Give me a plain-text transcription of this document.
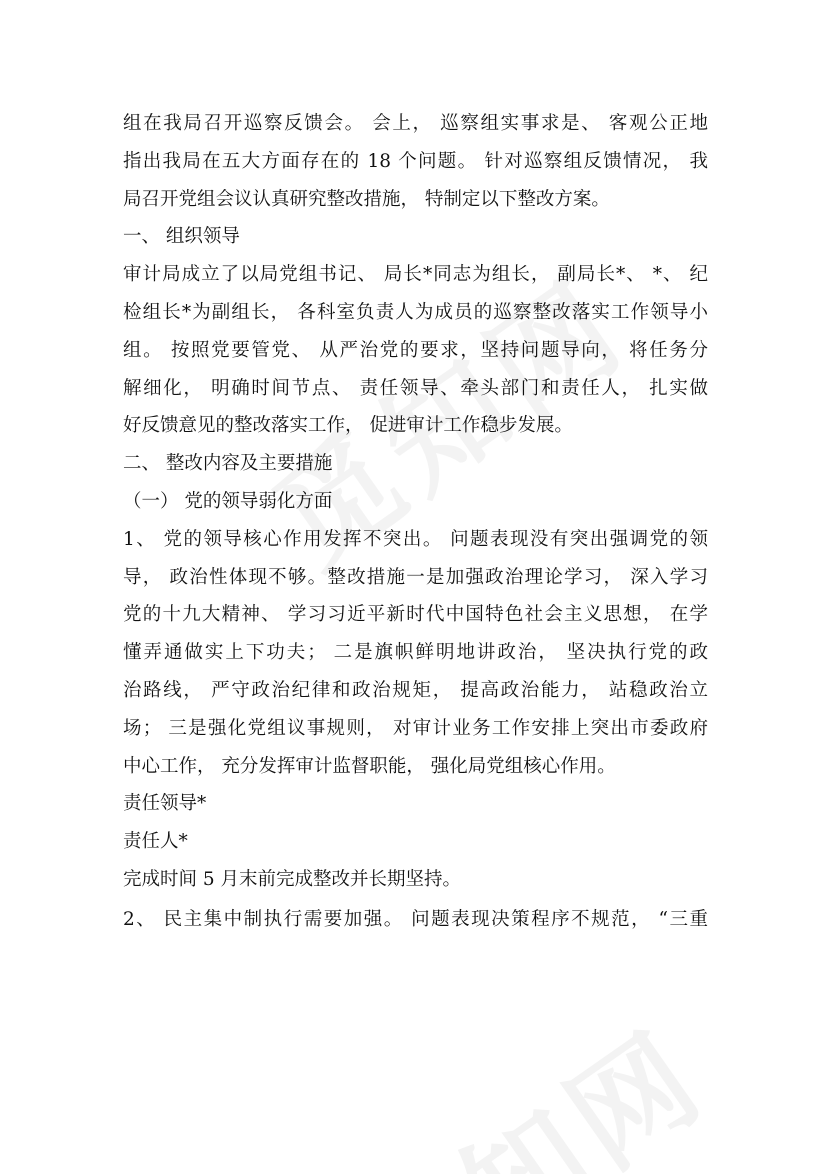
组在我局召开巡察反馈会。 会上， 巡察组实事求是、 客观公正地
指出我局在五大方面存在的 18 个问题。 针对巡察组反馈情况， 我
局召开党组会议认真研究整改措施， 特制定以下整改方案。
一、 组织领导
审计局成立了以局党组书记、 局长*同志为组长， 副局长*、 *、 纪
检组长*为副组长， 各科室负责人为成员的巡察整改落实工作领导小
组。 按照党要管党、 从严治党的要求，坚持问题导向， 将任务分
解细化， 明确时间节点、 责任领导、牵头部门和责任人， 扎实做
好反馈意见的整改落实工作， 促进审计工作稳步发展。
二、 整改内容及主要措施
（一） 党的领导弱化方面
1、 党的领导核心作用发挥不突出。 问题表现没有突出强调党的领
导， 政治性体现不够。整改措施一是加强政治理论学习， 深入学习
党的十九大精神、 学习习近平新时代中国特色社会主义思想， 在学
懂弄通做实上下功夫； 二是旗帜鲜明地讲政治， 坚决执行党的政
治路线， 严守政治纪律和政治规矩， 提高政治能力， 站稳政治立
场； 三是强化党组议事规则， 对审计业务工作安排上突出市委政府
中心工作， 充分发挥审计监督职能， 强化局党组核心作用。
责任领导*
责任人*
完成时间 5 月末前完成整改并长期坚持。
2、 民主集中制执行需要加强。 问题表现决策程序不规范， “三重
